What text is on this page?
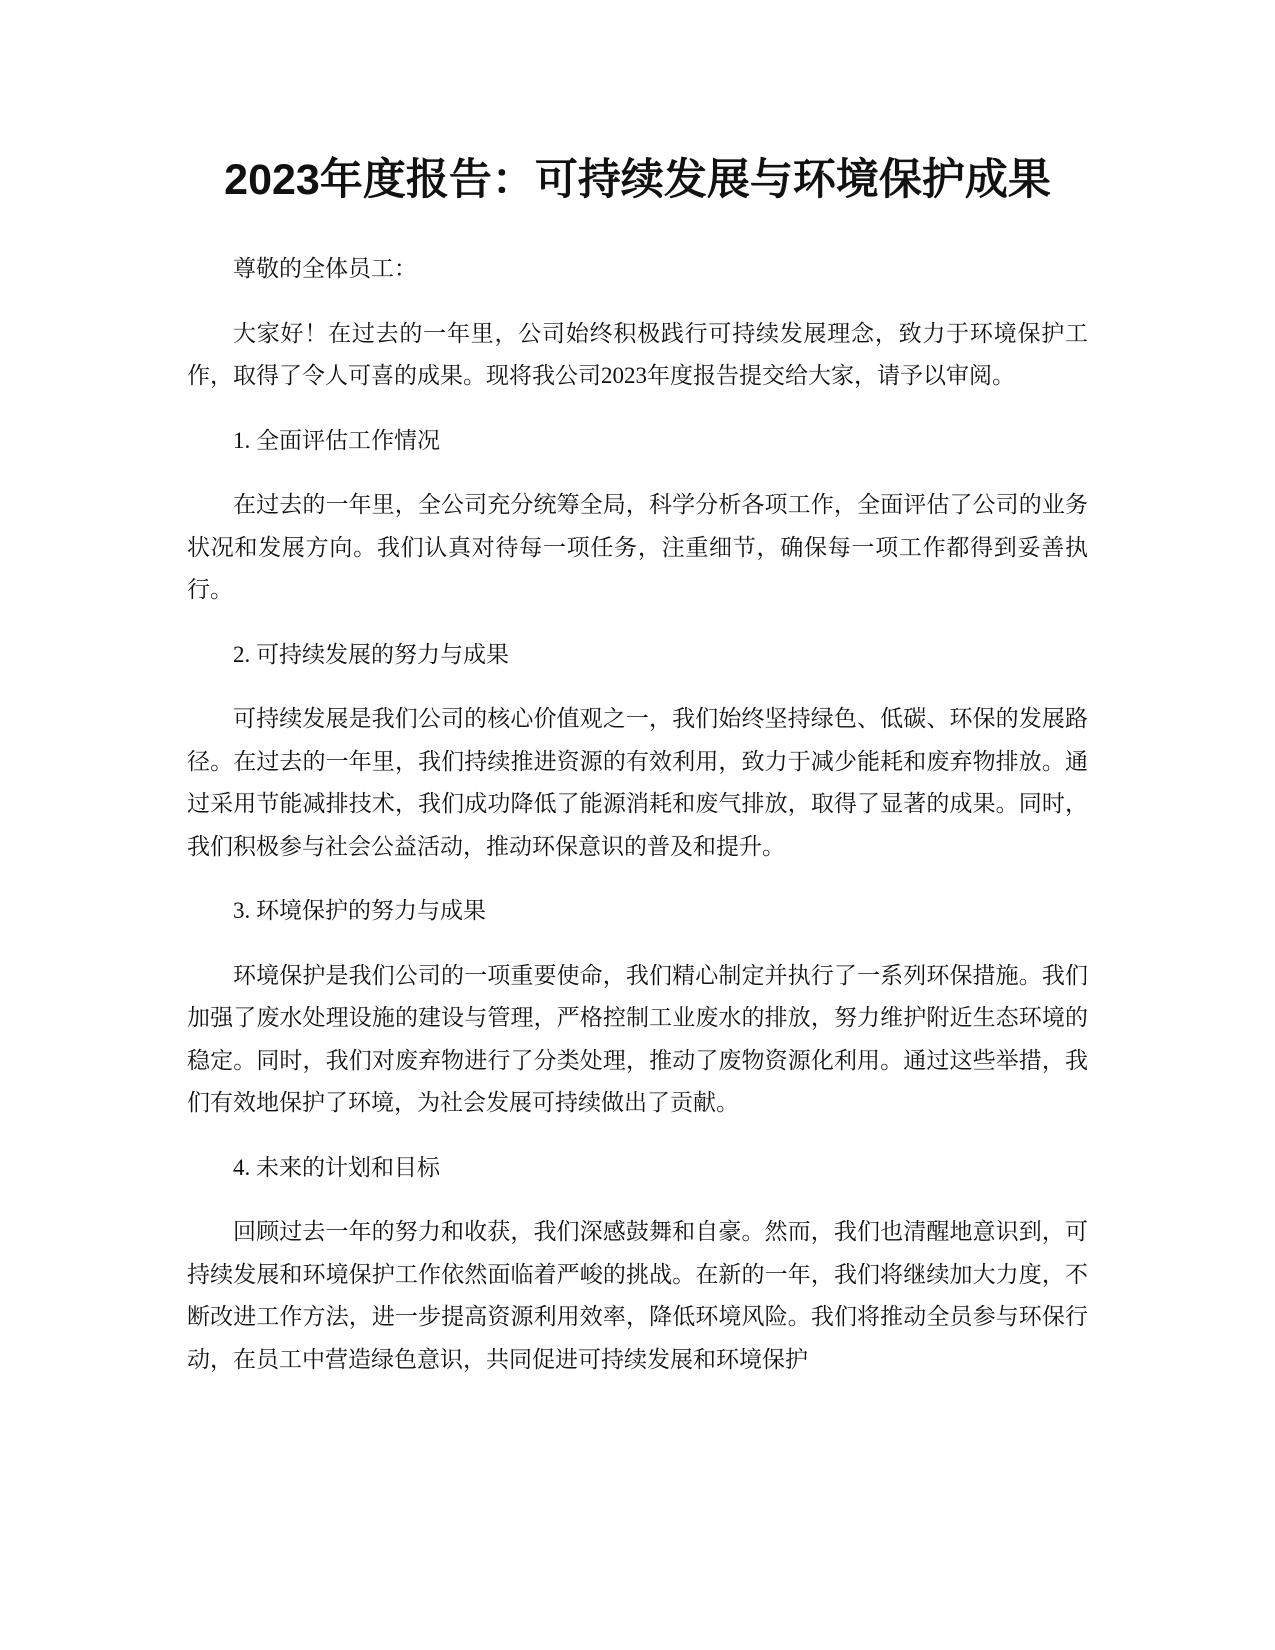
2023年度报告：可持续发展与环境保护成果

尊敬的全体员工：

大家好！在过去的一年里，公司始终积极践行可持续发展理念，致力于环境保护工作，取得了令人可喜的成果。现将我公司2023年度报告提交给大家，请予以审阅。

1. 全面评估工作情况

在过去的一年里，全公司充分统筹全局，科学分析各项工作，全面评估了公司的业务状况和发展方向。我们认真对待每一项任务，注重细节，确保每一项工作都得到妥善执行。

2. 可持续发展的努力与成果

可持续发展是我们公司的核心价值观之一，我们始终坚持绿色、低碳、环保的发展路径。在过去的一年里，我们持续推进资源的有效利用，致力于减少能耗和废弃物排放。通过采用节能减排技术，我们成功降低了能源消耗和废气排放，取得了显著的成果。同时，我们积极参与社会公益活动，推动环保意识的普及和提升。

3. 环境保护的努力与成果

环境保护是我们公司的一项重要使命，我们精心制定并执行了一系列环保措施。我们加强了废水处理设施的建设与管理，严格控制工业废水的排放，努力维护附近生态环境的稳定。同时，我们对废弃物进行了分类处理，推动了废物资源化利用。通过这些举措，我们有效地保护了环境，为社会发展可持续做出了贡献。

4. 未来的计划和目标

回顾过去一年的努力和收获，我们深感鼓舞和自豪。然而，我们也清醒地意识到，可持续发展和环境保护工作依然面临着严峻的挑战。在新的一年，我们将继续加大力度，不断改进工作方法，进一步提高资源利用效率，降低环境风险。我们将推动全员参与环保行动，在员工中营造绿色意识，共同促进可持续发展和环境保护
